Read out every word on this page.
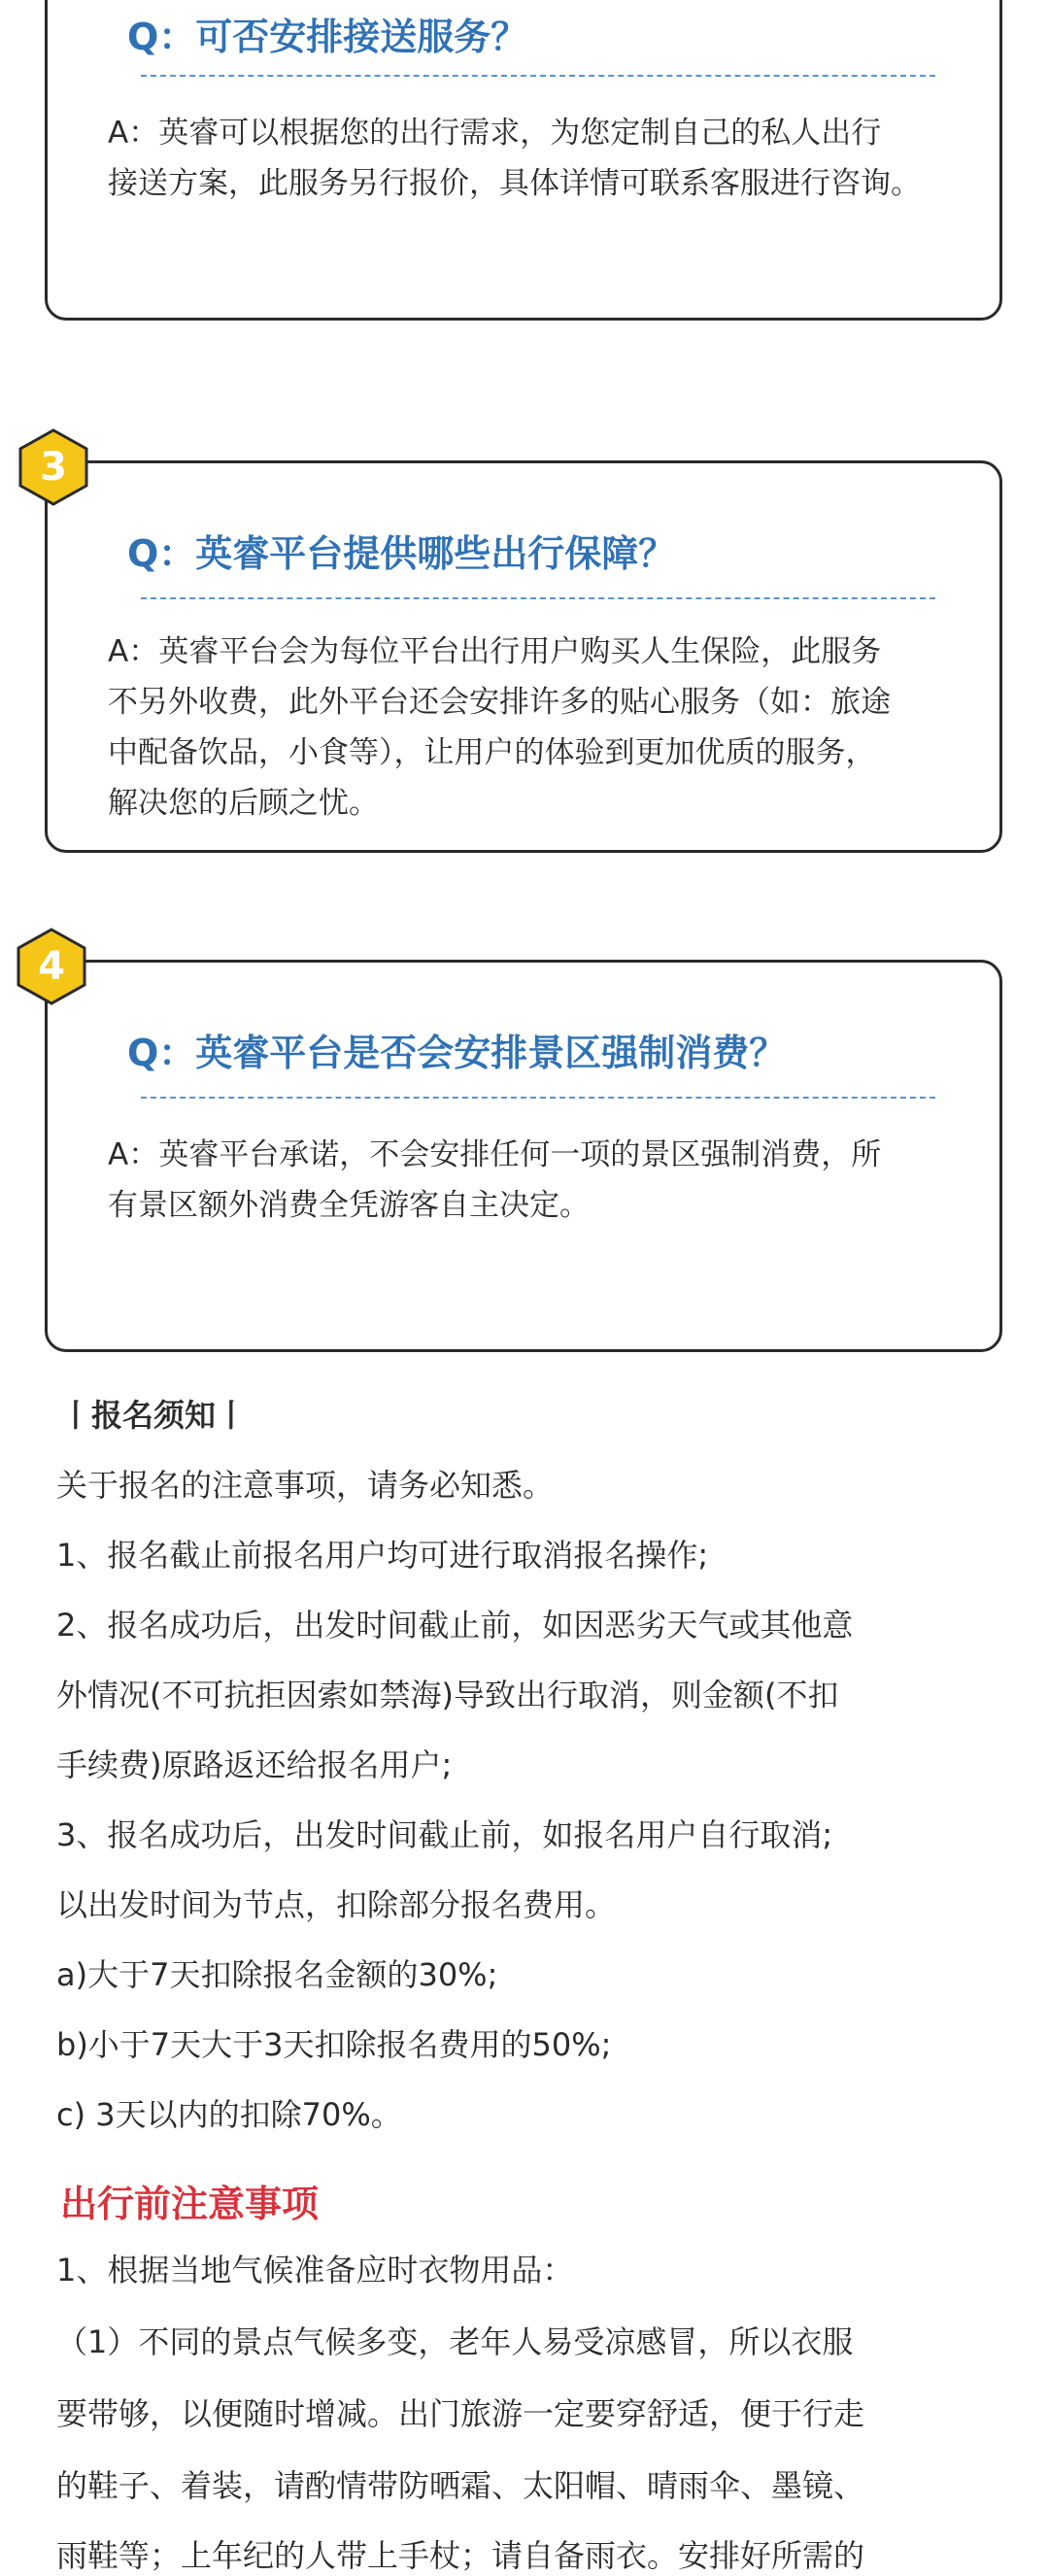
Q：可否安排接送服务？
A：英睿可以根据您的出行需求，为您定制自己的私人出行
接送方案，此服务另行报价，具体详情可联系客服进行咨询。
Q：英睿平台提供哪些出行保障？
A：英睿平台会为每位平台出行用户购买人生保险，此服务
不另外收费，此外平台还会安排许多的贴心服务（如：旅途
中配备饮品，小食等），让用户的体验到更加优质的服务，
解决您的后顾之忧。
3
Q：英睿平台是否会安排景区强制消费？
A：英睿平台承诺，不会安排任何一项的景区强制消费，所
有景区额外消费全凭游客自主决定。
4
丨报名须知丨
关于报名的注意事项，请务必知悉。
1、报名截止前报名用户均可进行取消报名操作;
2、报名成功后，出发时间截止前，如因恶劣天气或其他意
外情况(不可抗拒因索如禁海)导致出行取消，则金额(不扣
手续费)原路返还给报名用户;
3、报名成功后，出发时间截止前，如报名用户自行取消;
以出发时间为节点，扣除部分报名费用。
a)大于7天扣除报名金额的30%;
b)小于7天大于3天扣除报名费用的50%;
c) 3天以内的扣除70%。
出行前注意事项
1、根据当地气候准备应时衣物用品：
（1）不同的景点气候多变，老年人易受凉感冒，所以衣服
要带够，以便随时增减。出门旅游一定要穿舒适，便于行走
的鞋子、着装，请酌情带防晒霜、太阳帽、晴雨伞、墨镜、
雨鞋等；上年纪的人带上手杖；请自备雨衣。安排好所需的
